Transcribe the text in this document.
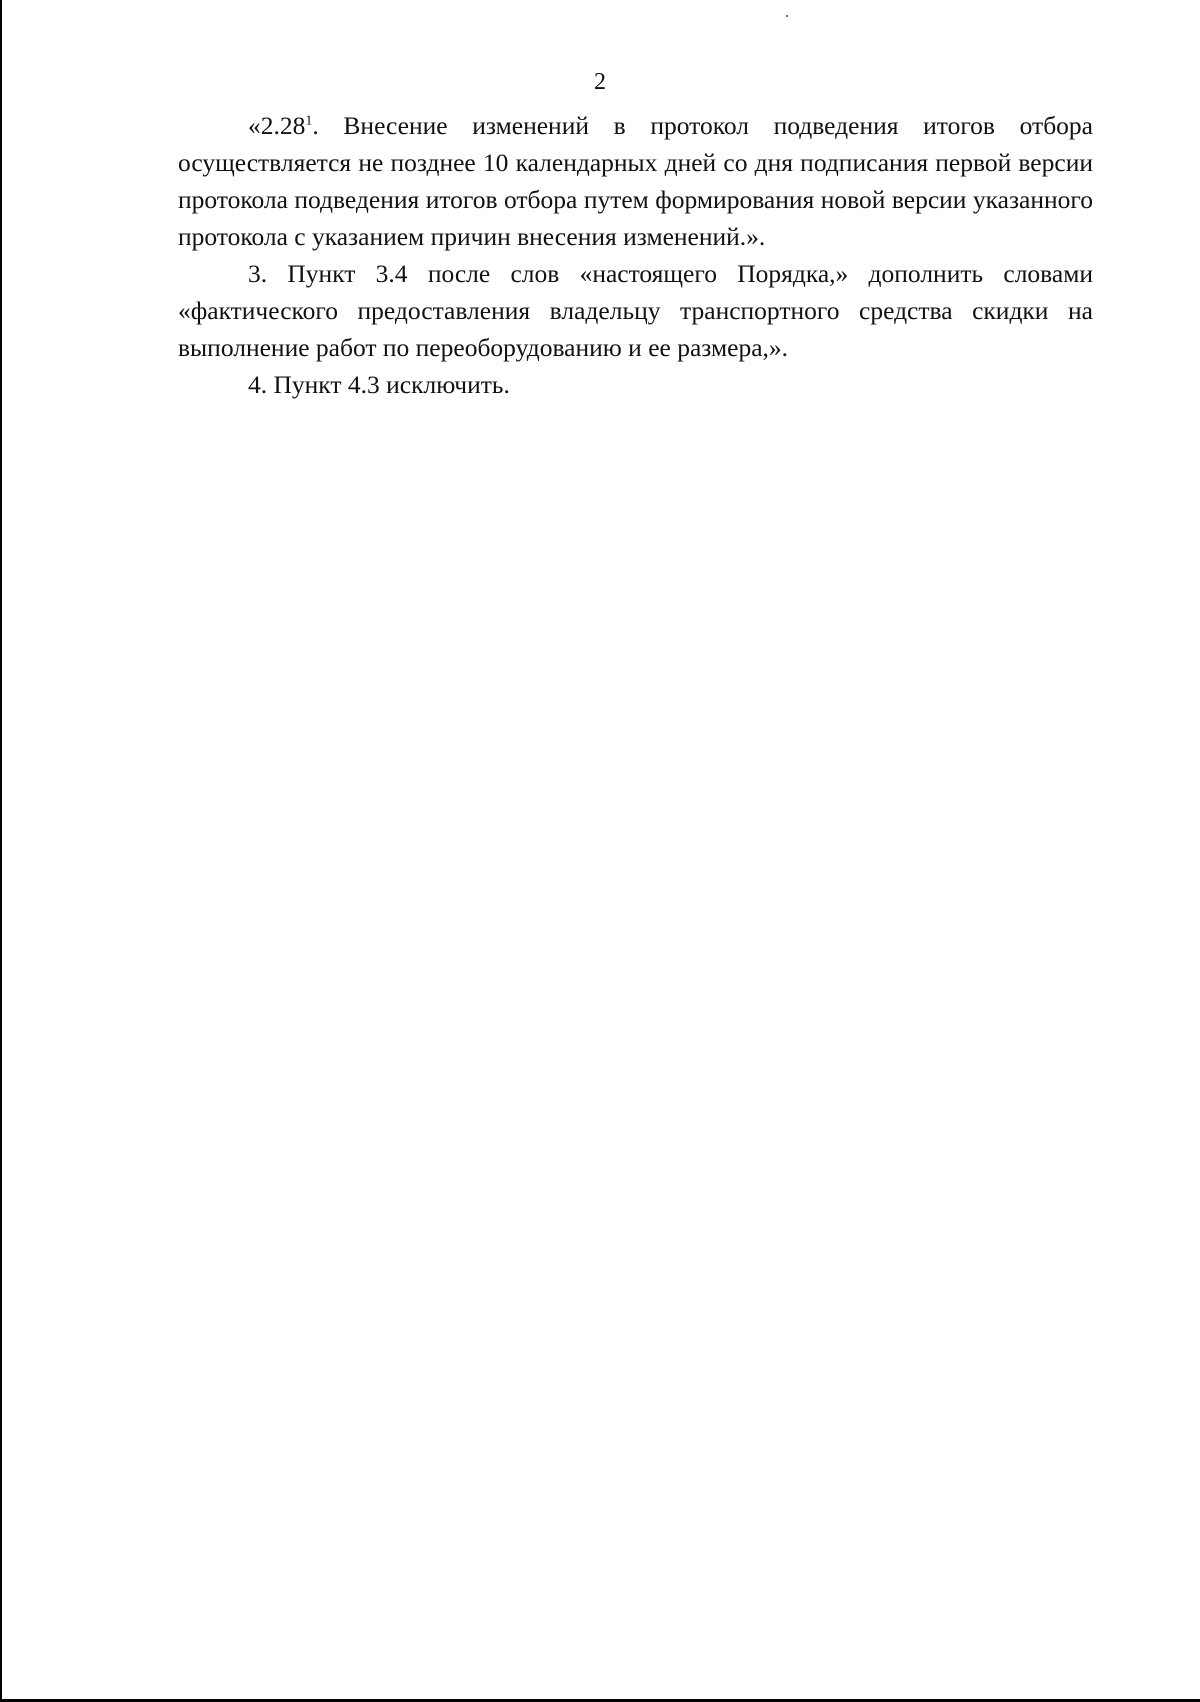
2

«2.28$^1$. Внесение изменений в протокол подведения итогов отбора осуществляется не позднее 10 календарных дней со дня подписания первой версии протокола подведения итогов отбора путем формирования новой версии указанного протокола с указанием причин внесения изменений.».

3. Пункт 3.4 после слов «настоящего Порядка,» дополнить словами «фактического предоставления владельцу транспортного средства скидки на выполнение работ по переоборудованию и ее размера,».

4. Пункт 4.3 исключить.
